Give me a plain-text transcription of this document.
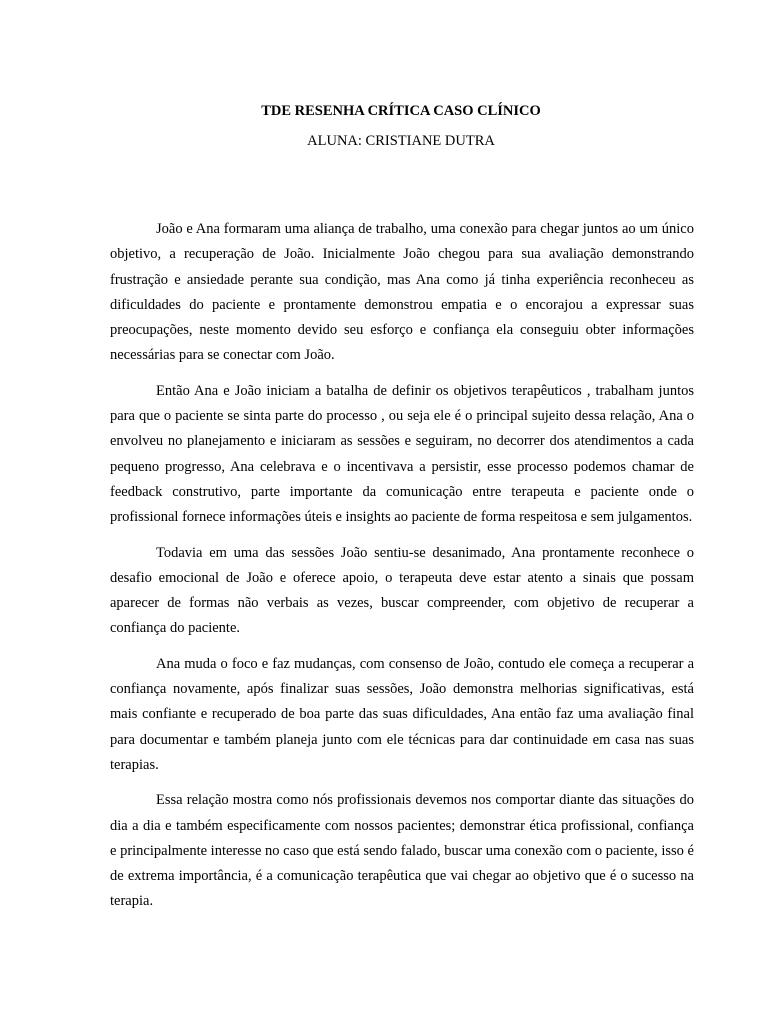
TDE RESENHA CRÍTICA CASO CLÍNICO

ALUNA: CRISTIANE DUTRA

João e Ana formaram uma aliança de trabalho, uma conexão para chegar juntos ao um único objetivo, a recuperação de João. Inicialmente João chegou para sua avaliação demonstrando frustração e ansiedade perante sua condição, mas Ana como já tinha experiência reconheceu as dificuldades do paciente e prontamente demonstrou empatia e o encorajou a expressar suas preocupações, neste momento devido seu esforço e confiança ela conseguiu obter informações necessárias para se conectar com João.

Então Ana e João iniciam a batalha de definir os objetivos terapêuticos , trabalham juntos para que o paciente se sinta parte do processo , ou seja ele é o principal sujeito dessa relação, Ana o envolveu no planejamento e iniciaram as sessões e seguiram, no decorrer dos atendimentos a cada pequeno progresso, Ana celebrava e o incentivava a persistir, esse processo podemos chamar de feedback construtivo, parte importante da comunicação entre terapeuta e paciente onde o profissional fornece informações úteis e insights ao paciente de forma respeitosa e sem julgamentos.

Todavia em uma das sessões João sentiu-se desanimado, Ana prontamente reconhece o desafio emocional de João e oferece apoio, o terapeuta deve estar atento a sinais que possam aparecer de formas não verbais as vezes, buscar compreender, com objetivo de recuperar a confiança do paciente.

Ana muda o foco e faz mudanças, com consenso de João, contudo ele começa a recuperar a confiança novamente, após finalizar suas sessões, João demonstra melhorias significativas, está mais confiante e recuperado de boa parte das suas dificuldades, Ana então faz uma avaliação final para documentar e também planeja junto com ele técnicas para dar continuidade em casa nas suas terapias.

Essa relação mostra como nós profissionais devemos nos comportar diante das situações do dia a dia e também especificamente com nossos pacientes; demonstrar ética profissional, confiança e principalmente interesse no caso que está sendo falado, buscar uma conexão com o paciente, isso é de extrema importância, é a comunicação terapêutica que vai chegar ao objetivo que é o sucesso na terapia.
